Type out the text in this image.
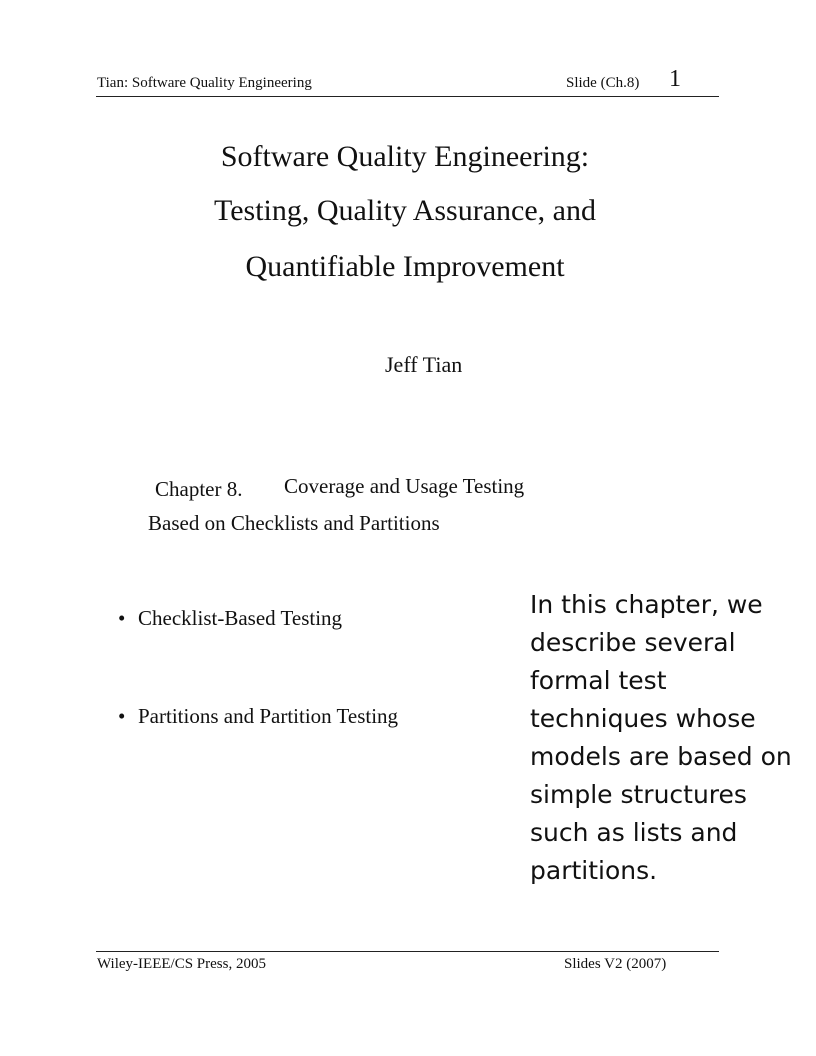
Tian: Software Quality Engineering	Slide (Ch.8) 1
Software Quality Engineering:
Testing, Quality Assurance, and
Quantifiable Improvement
Jeff Tian
Chapter 8. Coverage and Usage Testing
Based on Checklists and Partitions
• Checklist-Based Testing
• Partitions and Partition Testing
In this chapter, we
describe several
formal test
techniques whose
models are based on
simple structures
such as lists and
partitions.
Wiley-IEEE/CS Press, 2005	Slides V2 (2007)
